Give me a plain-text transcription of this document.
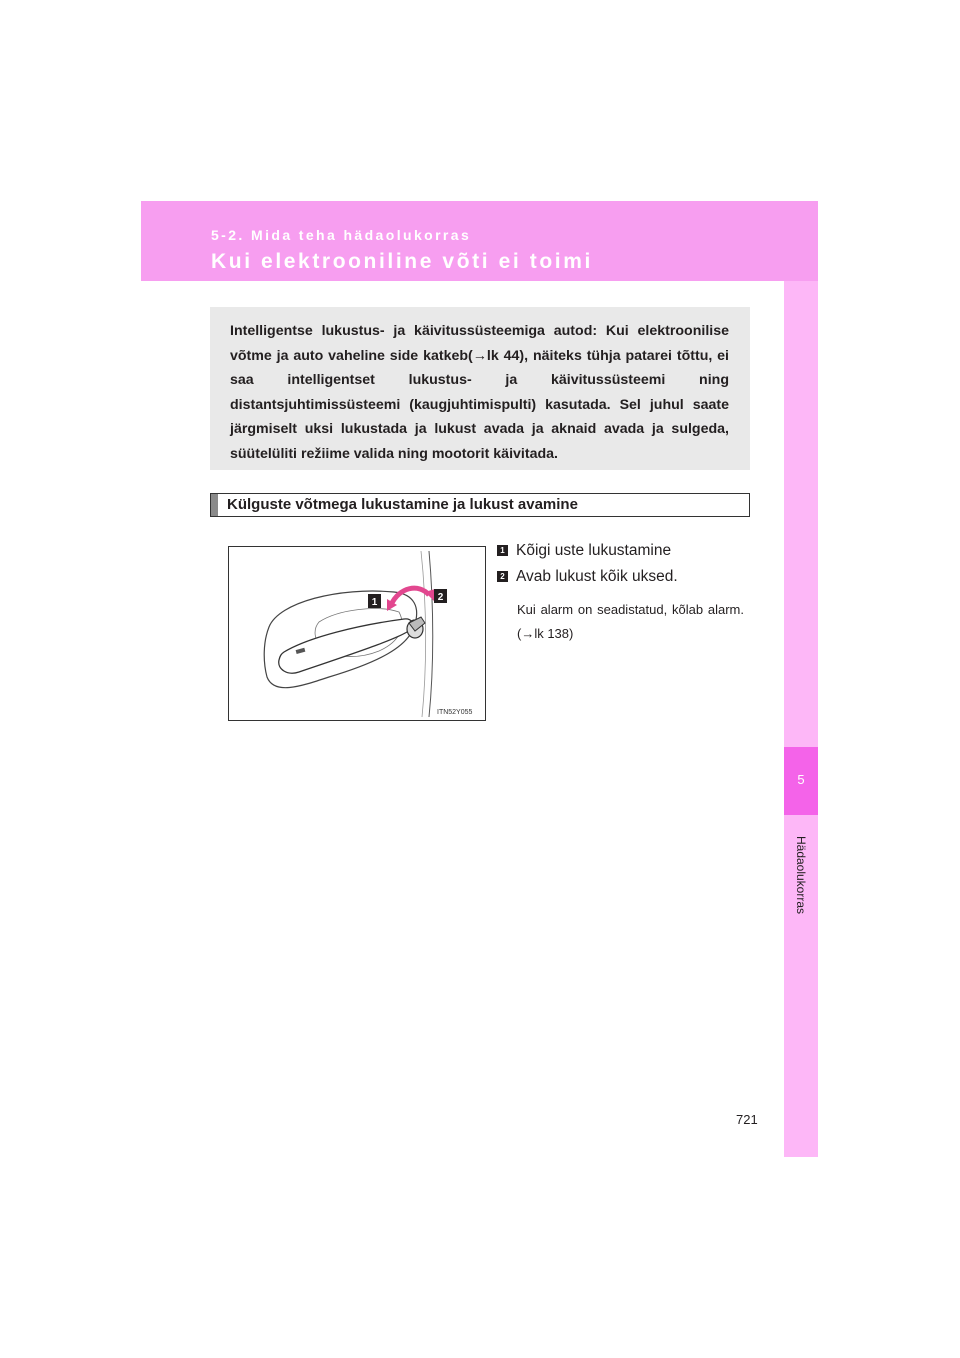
5-2. Mida teha hädaolukorras
Kui elektrooniline võti ei toimi
5
Hädaolukorras
Intelligentse lukustus- ja käivitussüsteemiga autod: Kui elektroonilise võtme ja auto vaheline side katkeb(→lk 44), näiteks tühja patarei tõttu, ei saa intelligentset lukustus- ja käivitussüsteemi ning distantsjuhtimissüsteemi (kaugjuhtimispulti) kasutada. Sel juhul saate järgmiselt uksi lukustada ja lukust avada ja aknaid avada ja sulgeda, süütelüliti režiime valida ning mootorit käivitada.
Külguste võtmega lukustamine ja lukust avamine
1	2
ITN52Y055
1 Kõigi uste lukustamine
2 Avab lukust kõik uksed.
Kui alarm on seadistatud, kõlab alarm. (→lk 138)
721
